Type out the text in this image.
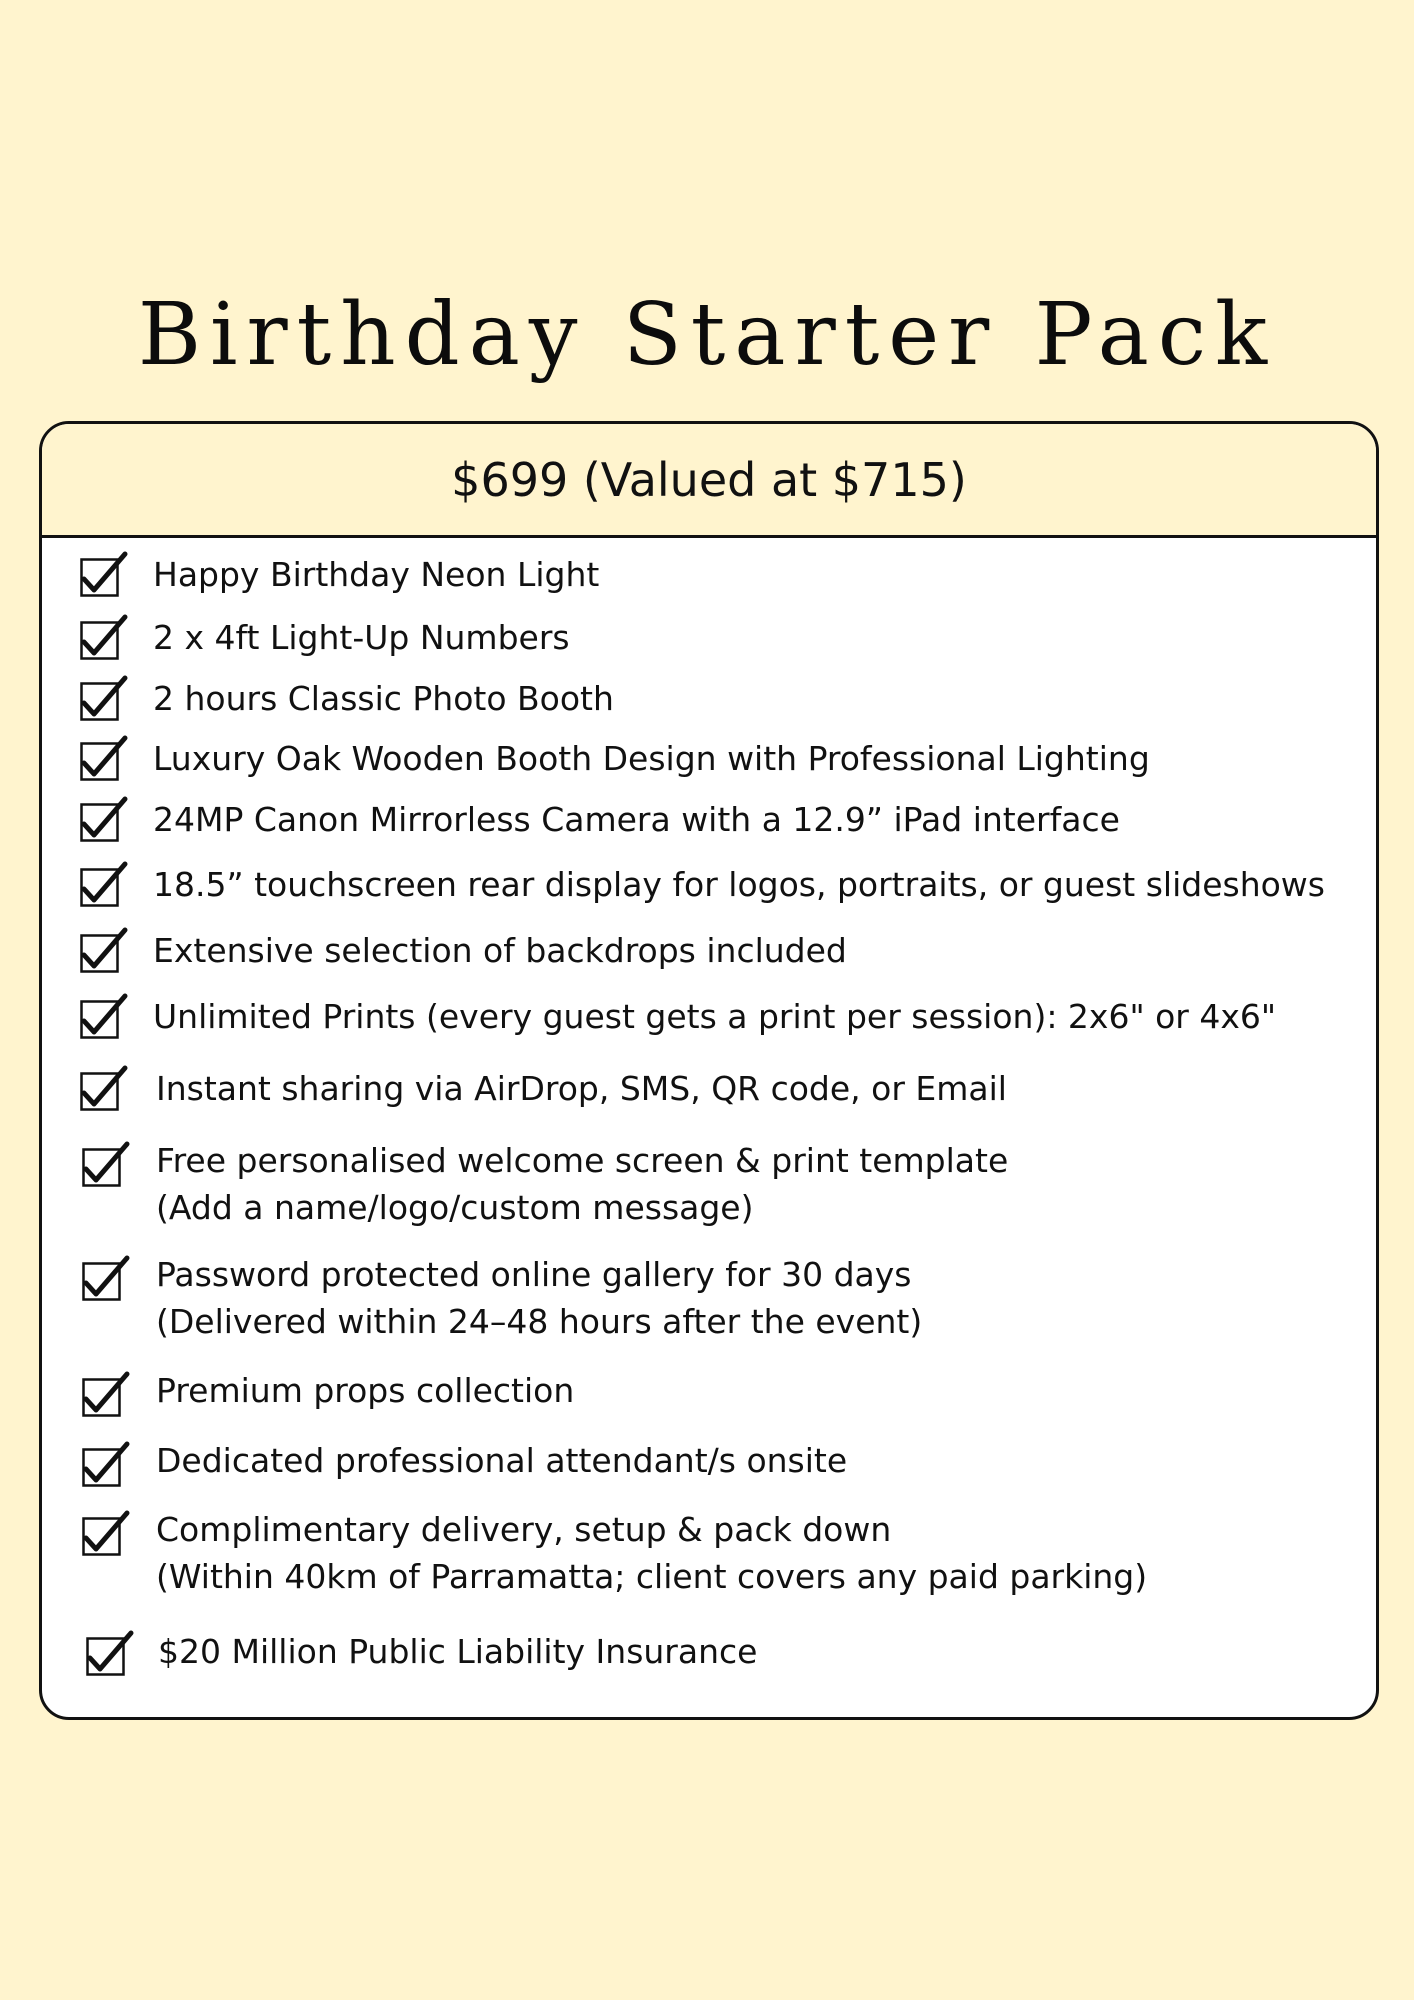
Birthday Starter Pack
$699 (Valued at $715)
Happy Birthday Neon Light
2 x 4ft Light-Up Numbers
2 hours Classic Photo Booth
Luxury Oak Wooden Booth Design with Professional Lighting
24MP Canon Mirrorless Camera with a 12.9” iPad interface
18.5” touchscreen rear display for logos, portraits, or guest slideshows
Extensive selection of backdrops included
Unlimited Prints (every guest gets a print per session): 2x6" or 4x6"
Instant sharing via AirDrop, SMS, QR code, or Email
Free personalised welcome screen & print template
(Add a name/logo/custom message)
Password protected online gallery for 30 days
(Delivered within 24–48 hours after the event)
Premium props collection
Dedicated professional attendant/s onsite
Complimentary delivery, setup & pack down
(Within 40km of Parramatta; client covers any paid parking)
$20 Million Public Liability Insurance
